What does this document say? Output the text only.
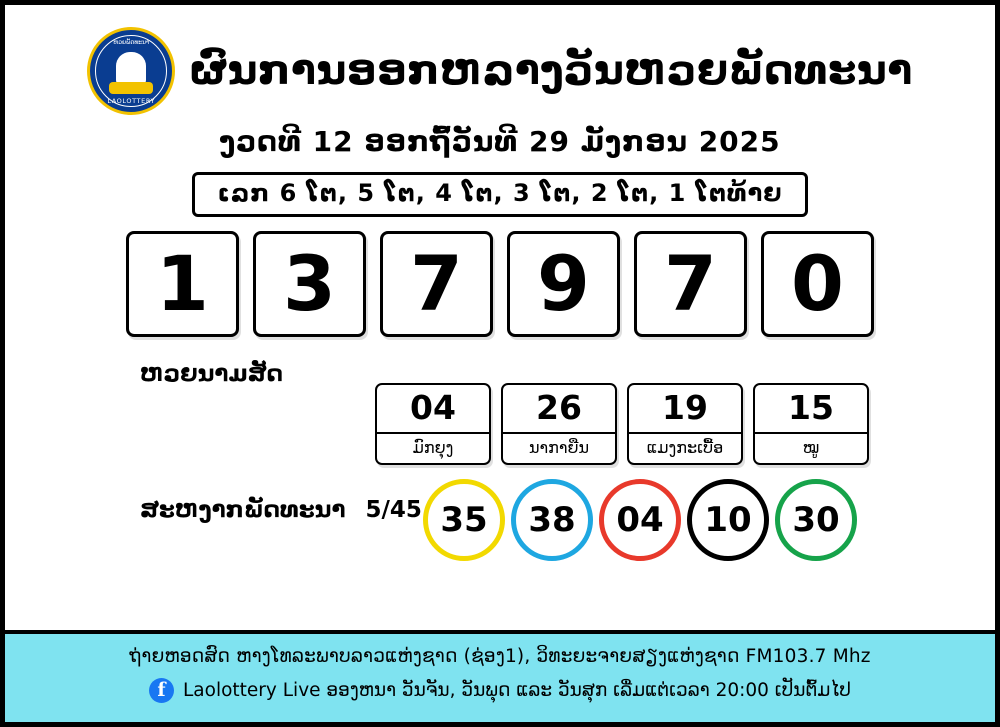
ຫວຍພັດທະນາ
LAOLOTTERY
ຜົນການອອກຫລາງວັນຫວຍພັດທະນາ
ງວດທີ 12 ອອກຖົ້ວັນທີ 29 ມັງກອນ 2025
ເລກ 6 ໂຕ, 5 ໂຕ, 4 ໂຕ, 3 ໂຕ, 2 ໂຕ, 1 ໂຕທ້າຍ
1 3 7 9 7 0
ຫວຍນາມສັດ
04
ມົກຍຸງ
26
ນາກາຍືນ
19
ແມງກະເບື້ອ
15
ໝູ
ສະຫງາກພັດທະນາ 5/45 35	38	04	10	30
ຖ່າຍຫອດສົດ ຫາງໂທລະພາບລາວແຫ່ງຊາດ (ຊ່ອງ1), ວິທະຍະຈາຍສຽງແຫ່ງຊາດ FM103.7 Mhz
f Laolottery Live ອອງຫນາ ວັນຈັນ, ວັນພຸດ ແລະ ວັນສຸກ ເລື່ມແຕ່ເວລາ 20:00 ເປັນຕົ້ມໄປ
